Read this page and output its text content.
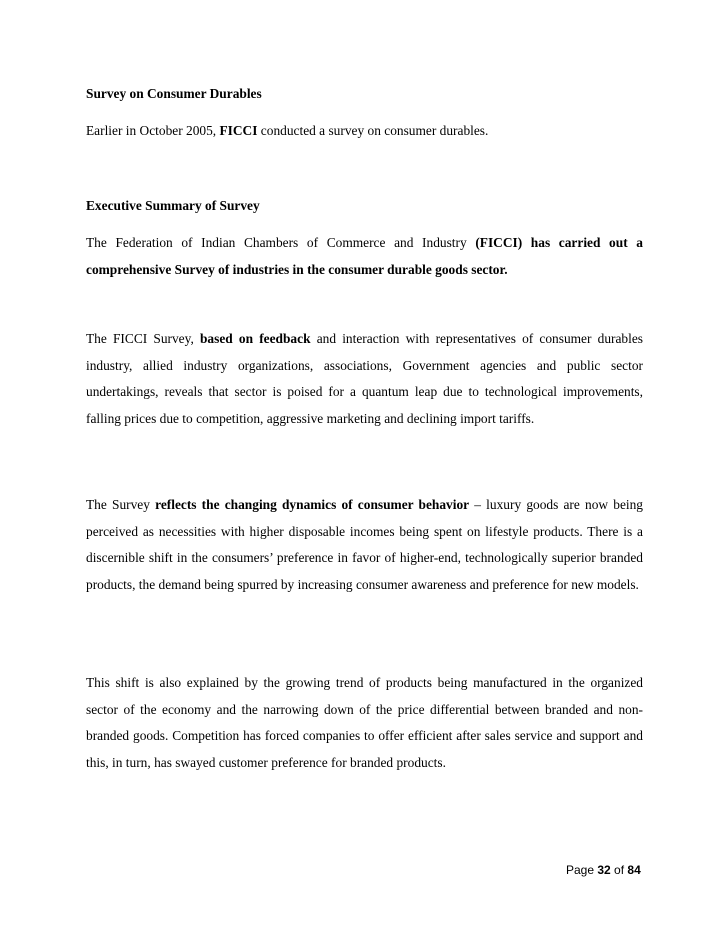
Survey on Consumer Durables

Earlier in October 2005, FICCI conducted a survey on consumer durables.

Executive Summary of Survey

The Federation of Indian Chambers of Commerce and Industry (FICCI) has carried out a comprehensive Survey of industries in the consumer durable goods sector.

The FICCI Survey, based on feedback and interaction with representatives of consumer durables industry, allied industry organizations, associations, Government agencies and public sector undertakings, reveals that sector is poised for a quantum leap due to technological improvements, falling prices due to competition, aggressive marketing and declining import tariffs.

The Survey reflects the changing dynamics of consumer behavior – luxury goods are now being perceived as necessities with higher disposable incomes being spent on lifestyle products. There is a discernible shift in the consumers’ preference in favor of higher-end, technologically superior branded products, the demand being spurred by increasing consumer awareness and preference for new models.

This shift is also explained by the growing trend of products being manufactured in the organized sector of the economy and the narrowing down of the price differential between branded and non-branded goods. Competition has forced companies to offer efficient after sales service and support and this, in turn, has swayed customer preference for branded products.

Page 32 of 84
